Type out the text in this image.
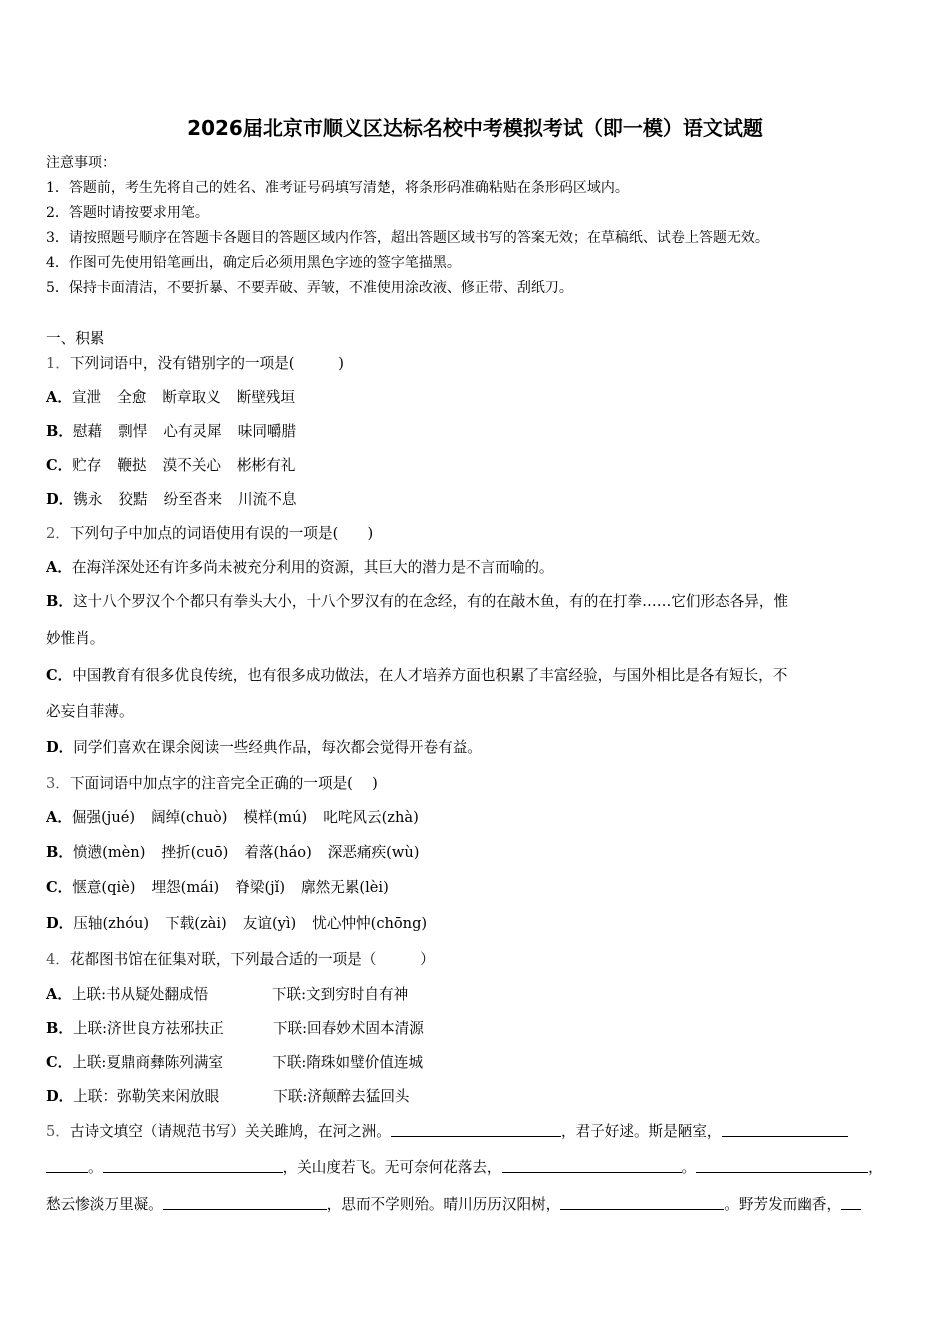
2026届北京市顺义区达标名校中考模拟考试（即一模）语文试题
注意事项：
1．答题前，考生先将自己的姓名、准考证号码填写清楚，将条形码准确粘贴在条形码区域内。
2．答题时请按要求用笔。
3．请按照题号顺序在答题卡各题目的答题区域内作答，超出答题区域书写的答案无效；在草稿纸、试卷上答题无效。
4．作图可先使用铅笔画出，确定后必须用黑色字迹的签字笔描黑。
5．保持卡面清洁，不要折暴、不要弄破、弄皱，不准使用涂改液、修正带、刮纸刀。
一、积累
1．下列词语中，没有错别字的一项是(　　　)
A．宣泄 全愈 断章取义 断壁残垣
B．慰藉 剽悍 心有灵犀 味同嚼腊
C．贮存 鞭挞 漠不关心 彬彬有礼
D．镌永 狡黠 纷至沓来 川流不息
2．下列句子中加点的词语使用有误的一项是(　　)
A．在海洋深处还有许多尚未被充分利用的资源，其巨大的潜力是不言而喻的。
B．这十八个罗汉个个都只有拳头大小，十八个罗汉有的在念经，有的在敲木鱼，有的在打拳……它们形态各异，惟
妙惟肖。
C．中国教育有很多优良传统，也有很多成功做法，在人才培养方面也积累了丰富经验，与国外相比是各有短长，不
必妄自菲薄。
D．同学们喜欢在课余阅读一些经典作品，每次都会觉得开卷有益。
3．下面词语中加点字的注音完全正确的一项是(　 )
A．倔强(jué) 阔绰(chuò) 模样(mú) 叱咤风云(zhà)
B．愤懑(mèn) 挫折(cuō) 着落(háo) 深恶痛疾(wù)
C．惬意(qiè) 埋怨(mái) 脊梁(jǐ) 廓然无累(lèi)
D．压轴(zhóu) 下载(zài) 友谊(yì) 忧心忡忡(chōng)
4．花都图书馆在征集对联，下列最合适的一项是（　　　）
A．上联:书从疑处翻成悟	下联:文到穷时自有神
B．上联:济世良方祛邪扶正	下联:回春妙术固本清源
C．上联:夏鼎商彝陈列满室	下联:隋珠如璧价值连城
D．上联：弥勒笑来闲放眼	下联:济颠醉去猛回头
5．古诗文填空（请规范书写）关关雎鸠，在河之洲。	，君子好逑。斯是陋室，
。	，关山度若飞。无可奈何花落去，	。	，
愁云惨淡万里凝。	，思而不学则殆。晴川历历汉阳树，	。野芳发而幽香，
